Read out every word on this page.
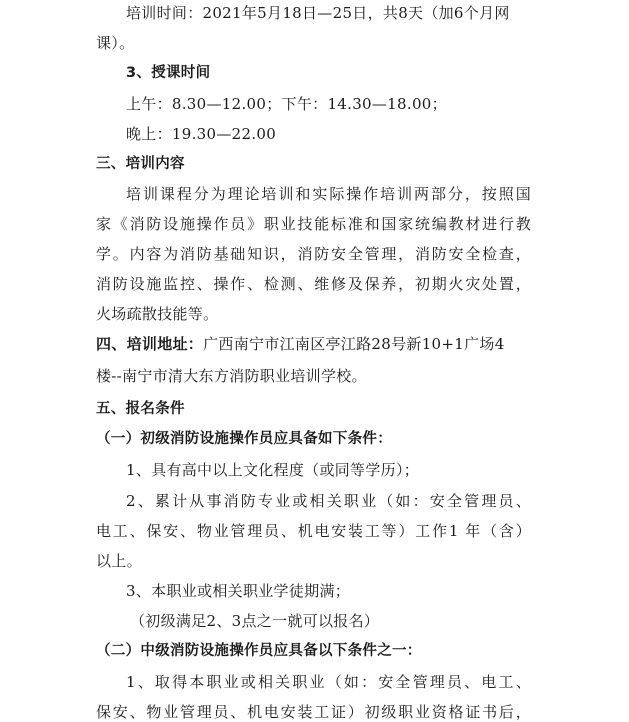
培训时间：2021年5月18日—25日，共8天（加6个月网
课）。
3、授课时间
上午：8.30—12.00；下午：14.30—18.00；
晚上：19.30—22.00
三、培训内容
培训课程分为理论培训和实际操作培训两部分，按照国
家《消防设施操作员》职业技能标准和国家统编教材进行教
学。内容为消防基础知识，消防安全管理，消防安全检查，
消防设施监控、操作、检测、维修及保养，初期火灾处置，
火场疏散技能等。
四、培训地址：广西南宁市江南区亭江路28号新10+1广场4
楼--南宁市清大东方消防职业培训学校。
五、报名条件
（一）初级消防设施操作员应具备如下条件：
1、具有高中以上文化程度（或同等学历）；
2、累计从事消防专业或相关职业（如：安全管理员、
电工、保安、物业管理员、机电安装工等）工作1 年（含）
以上。
3、本职业或相关职业学徒期满；
（初级满足2、3点之一就可以报名）
（二）中级消防设施操作员应具备以下条件之一：
1、取得本职业或相关职业（如：安全管理员、电工、
保安、物业管理员、机电安装工证）初级职业资格证书后，
